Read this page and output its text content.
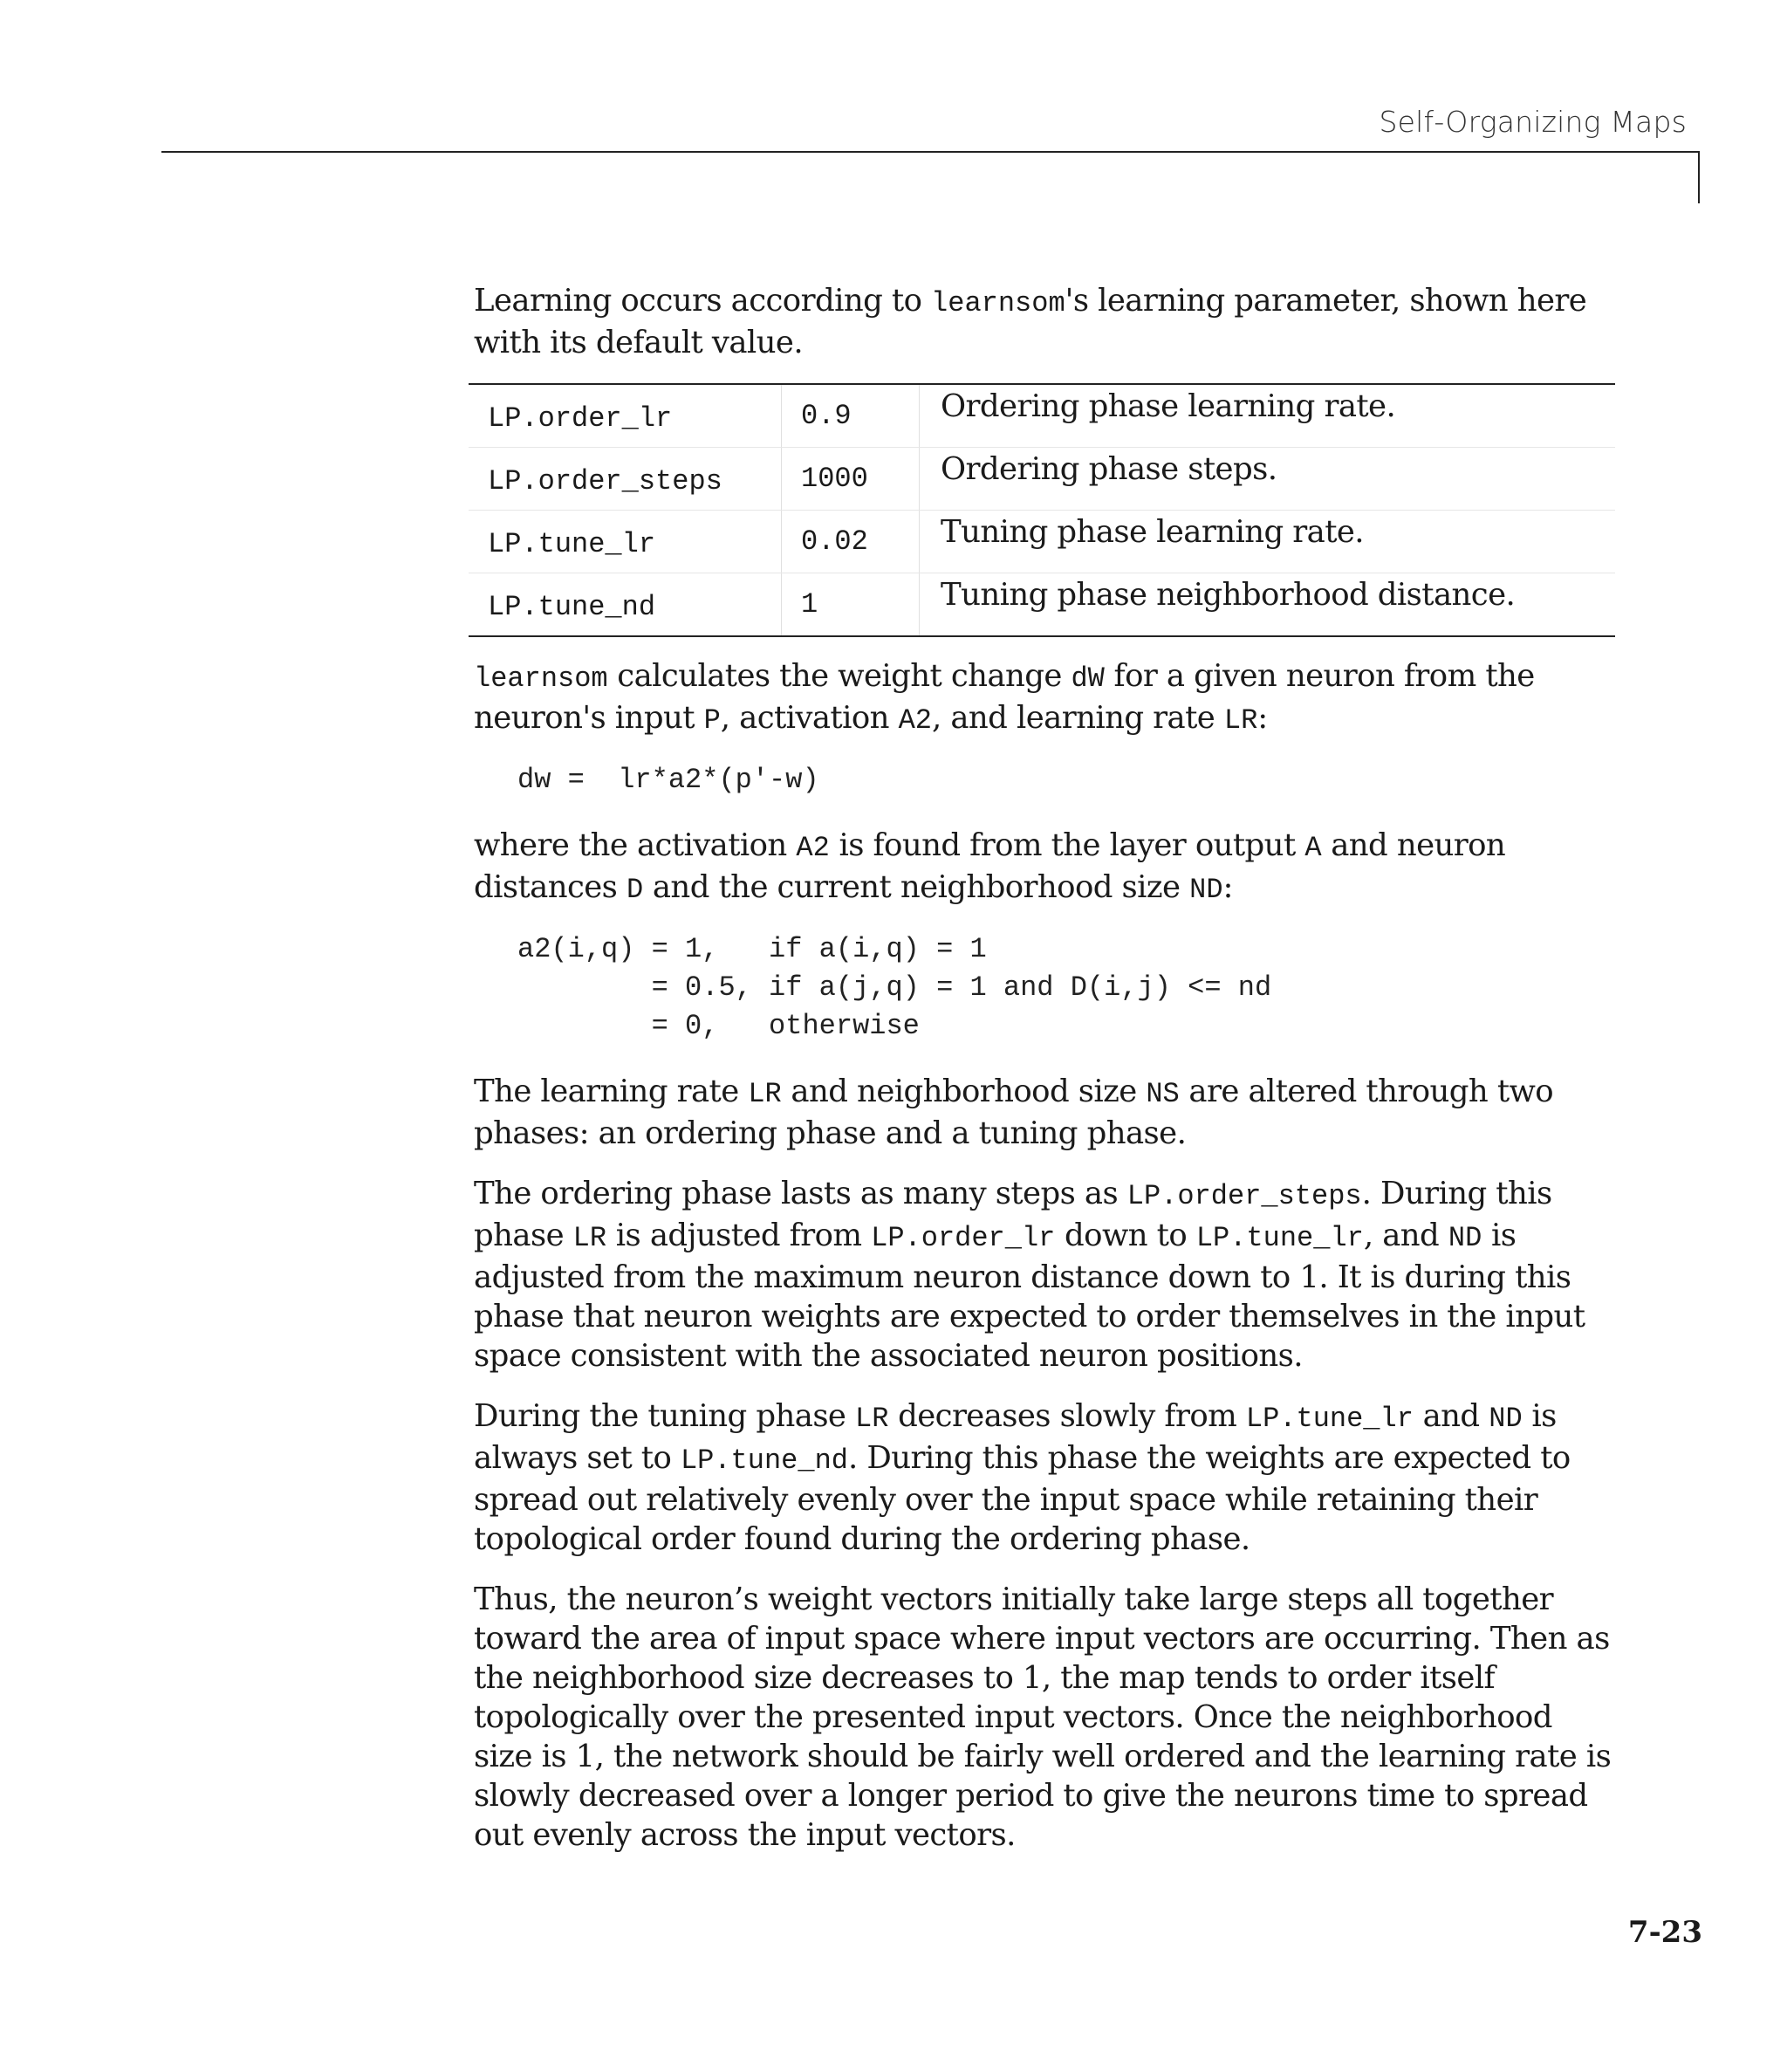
Self-Organizing Maps

Learning occurs according to learnsom's learning parameter, shown here with its default value.

LP.order_lr	0.9	Ordering phase learning rate.
LP.order_steps	1000	Ordering phase steps.
LP.tune_lr	0.02	Tuning phase learning rate.
LP.tune_nd	1	Tuning phase neighborhood distance.

learnsom calculates the weight change dW for a given neuron from the neuron's input P, activation A2, and learning rate LR:

dw =  lr*a2*(p'-w)

where the activation A2 is found from the layer output A and neuron distances D and the current neighborhood size ND:

a2(i,q) = 1,   if a(i,q) = 1
= 0.5, if a(j,q) = 1 and D(i,j) <= nd
= 0,   otherwise

The learning rate LR and neighborhood size NS are altered through two phases: an ordering phase and a tuning phase.

The ordering phase lasts as many steps as LP.order_steps. During this phase LR is adjusted from LP.order_lr down to LP.tune_lr, and ND is adjusted from the maximum neuron distance down to 1. It is during this phase that neuron weights are expected to order themselves in the input space consistent with the associated neuron positions.

During the tuning phase LR decreases slowly from LP.tune_lr and ND is always set to LP.tune_nd. During this phase the weights are expected to spread out relatively evenly over the input space while retaining their topological order found during the ordering phase.

Thus, the neuron’s weight vectors initially take large steps all together toward the area of input space where input vectors are occurring. Then as the neighborhood size decreases to 1, the map tends to order itself topologically over the presented input vectors. Once the neighborhood size is 1, the network should be fairly well ordered and the learning rate is slowly decreased over a longer period to give the neurons time to spread out evenly across the input vectors.

7-23
